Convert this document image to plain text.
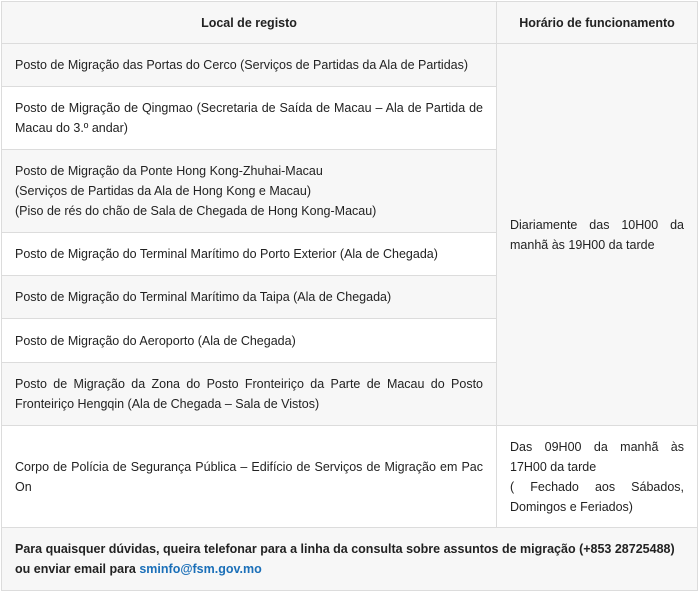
Local de registo	Horário de funcionamento

Posto de Migração das Portas do Cerco (Serviços de Partidas da Ala de Partidas)	Diariamente das 10H00 da manhã às 19H00 da tarde

Posto de Migração de Qingmao (Secretaria de Saída de Macau – Ala de Partida de Macau do 3.º andar)	

Posto de Migração da Ponte Hong Kong-Zhuhai-Macau
(Serviços de Partidas da Ala de Hong Kong e Macau)
(Piso de rés do chão de Sala de Chegada de Hong Kong-Macau)	

Posto de Migração do Terminal Marítimo do Porto Exterior (Ala de Chegada)	

Posto de Migração do Terminal Marítimo da Taipa (Ala de Chegada)	

Posto de Migração do Aeroporto (Ala de Chegada)	

Posto de Migração da Zona do Posto Fronteiriço da Parte de Macau do Posto Fronteiriço Hengqin (Ala de Chegada – Sala de Vistos)	

Corpo de Polícia de Segurança Pública – Edifício de Serviços de Migração em Pac On	Das 09H00 da manhã às 17H00 da tarde
( Fechado aos Sábados, Domingos e Feriados)

Para quaisquer dúvidas, queira telefonar para a linha da consulta sobre assuntos de migração (+853 28725488) ou enviar email para sminfo@fsm.gov.mo	
